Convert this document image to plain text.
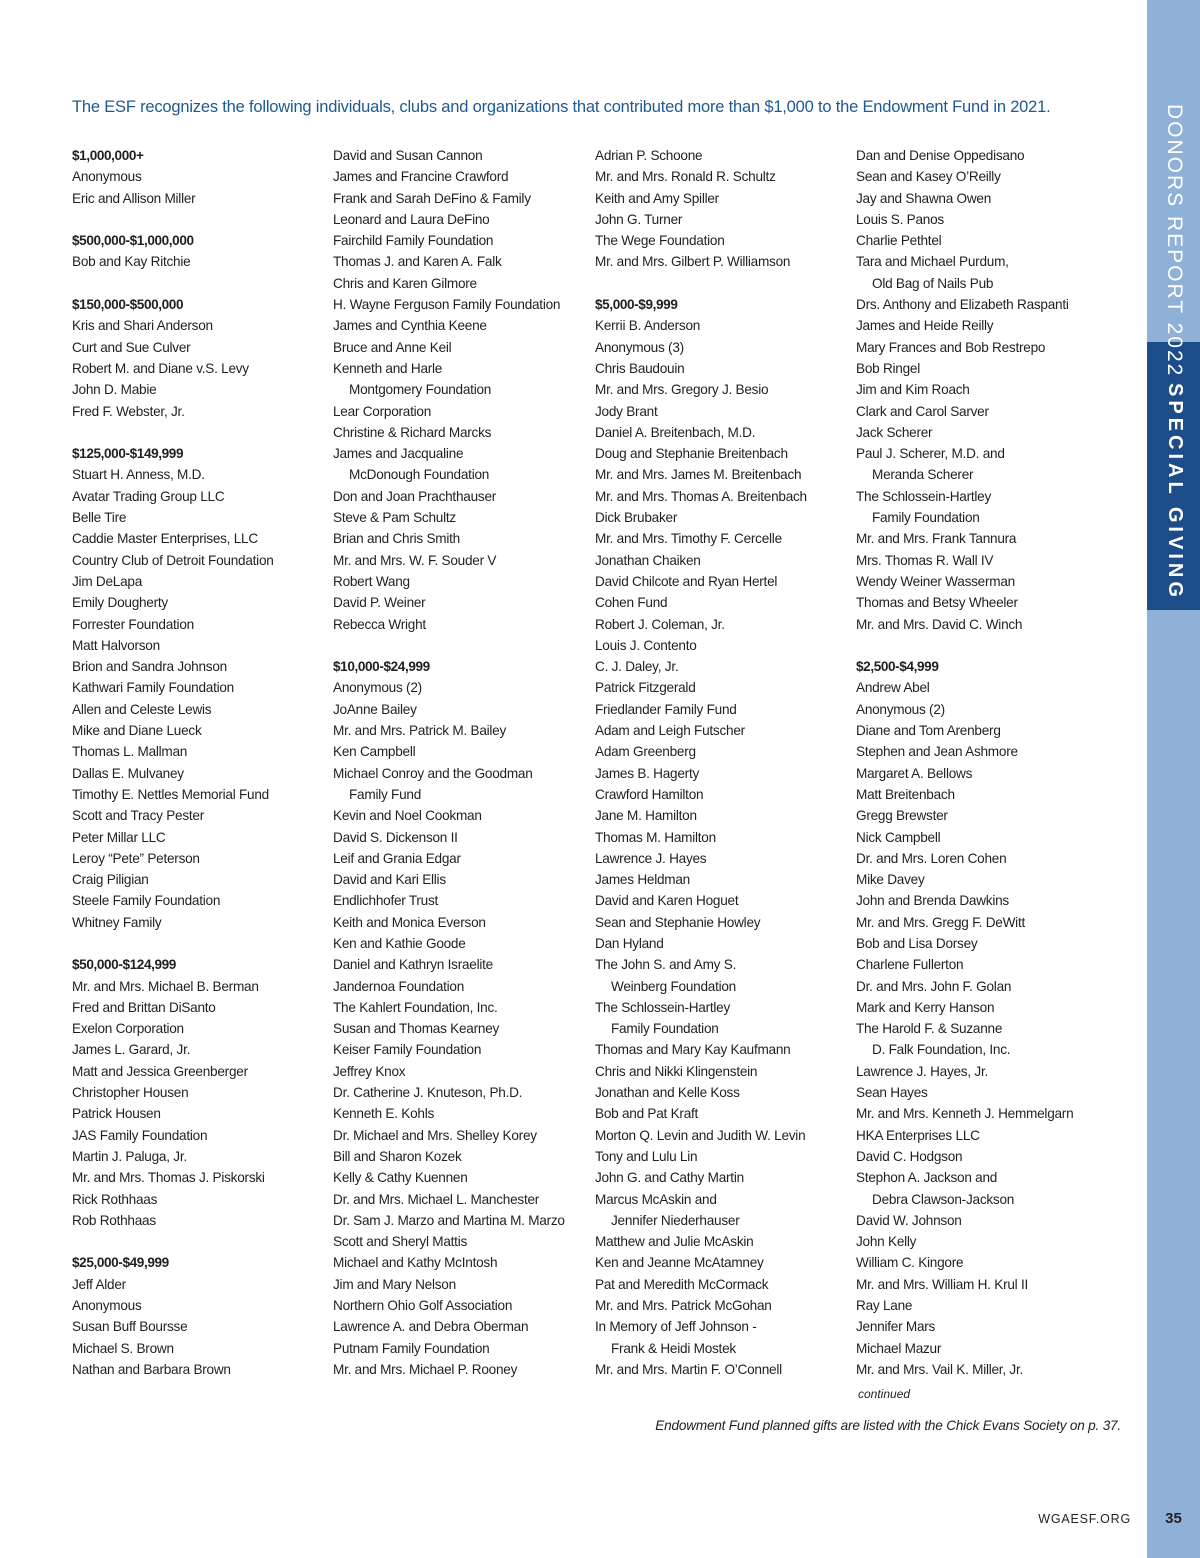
DONORS REPORT 2022
SPECIAL GIVING
The ESF recognizes the following individuals, clubs and organizations that contributed more than $1,000 to the Endowment Fund in 2021.
$1,000,000+
Anonymous
Eric and Allison Miller
$500,000-$1,000,000
Bob and Kay Ritchie
$150,000-$500,000
Kris and Shari Anderson
Curt and Sue Culver
Robert M. and Diane v.S. Levy
John D. Mabie
Fred F. Webster, Jr.
$125,000-$149,999
Stuart H. Anness, M.D.
Avatar Trading Group LLC
Belle Tire
Caddie Master Enterprises, LLC
Country Club of Detroit Foundation
Jim DeLapa
Emily Dougherty
Forrester Foundation
Matt Halvorson
Brion and Sandra Johnson
Kathwari Family Foundation
Allen and Celeste Lewis
Mike and Diane Lueck
Thomas L. Mallman
Dallas E. Mulvaney
Timothy E. Nettles Memorial Fund
Scott and Tracy Pester
Peter Millar LLC
Leroy “Pete” Peterson
Craig Piligian
Steele Family Foundation
Whitney Family
$50,000-$124,999
Mr. and Mrs. Michael B. Berman
Fred and Brittan DiSanto
Exelon Corporation
James L. Garard, Jr.
Matt and Jessica Greenberger
Christopher Housen
Patrick Housen
JAS Family Foundation
Martin J. Paluga, Jr.
Mr. and Mrs. Thomas J. Piskorski
Rick Rothhaas
Rob Rothhaas
$25,000-$49,999
Jeff Alder
Anonymous
Susan Buff Boursse
Michael S. Brown
Nathan and Barbara Brown
David and Susan Cannon
James and Francine Crawford
Frank and Sarah DeFino & Family
Leonard and Laura DeFino
Fairchild Family Foundation
Thomas J. and Karen A. Falk
Chris and Karen Gilmore
H. Wayne Ferguson Family Foundation
James and Cynthia Keene
Bruce and Anne Keil
Kenneth and Harle
Montgomery Foundation
Lear Corporation
Christine & Richard Marcks
James and Jacqualine
McDonough Foundation
Don and Joan Prachthauser
Steve & Pam Schultz
Brian and Chris Smith
Mr. and Mrs. W. F. Souder V
Robert Wang
David P. Weiner
Rebecca Wright
$10,000-$24,999
Anonymous (2)
JoAnne Bailey
Mr. and Mrs. Patrick M. Bailey
Ken Campbell
Michael Conroy and the Goodman
Family Fund
Kevin and Noel Cookman
David S. Dickenson II
Leif and Grania Edgar
David and Kari Ellis
Endlichhofer Trust
Keith and Monica Everson
Ken and Kathie Goode
Daniel and Kathryn Israelite
Jandernoa Foundation
The Kahlert Foundation, Inc.
Susan and Thomas Kearney
Keiser Family Foundation
Jeffrey Knox
Dr. Catherine J. Knuteson, Ph.D.
Kenneth E. Kohls
Dr. Michael and Mrs. Shelley Korey
Bill and Sharon Kozek
Kelly & Cathy Kuennen
Dr. and Mrs. Michael L. Manchester
Dr. Sam J. Marzo and Martina M. Marzo
Scott and Sheryl Mattis
Michael and Kathy McIntosh
Jim and Mary Nelson
Northern Ohio Golf Association
Lawrence A. and Debra Oberman
Putnam Family Foundation
Mr. and Mrs. Michael P. Rooney
Adrian P. Schoone
Mr. and Mrs. Ronald R. Schultz
Keith and Amy Spiller
John G. Turner
The Wege Foundation
Mr. and Mrs. Gilbert P. Williamson
$5,000-$9,999
Kerrii B. Anderson
Anonymous (3)
Chris Baudouin
Mr. and Mrs. Gregory J. Besio
Jody Brant
Daniel A. Breitenbach, M.D.
Doug and Stephanie Breitenbach
Mr. and Mrs. James M. Breitenbach
Mr. and Mrs. Thomas A. Breitenbach
Dick Brubaker
Mr. and Mrs. Timothy F. Cercelle
Jonathan Chaiken
David Chilcote and Ryan Hertel
Cohen Fund
Robert J. Coleman, Jr.
Louis J. Contento
C. J. Daley, Jr.
Patrick Fitzgerald
Friedlander Family Fund
Adam and Leigh Futscher
Adam Greenberg
James B. Hagerty
Crawford Hamilton
Jane M. Hamilton
Thomas M. Hamilton
Lawrence J. Hayes
James Heldman
David and Karen Hoguet
Sean and Stephanie Howley
Dan Hyland
The John S. and Amy S.
Weinberg Foundation
The Schlossein-Hartley
Family Foundation
Thomas and Mary Kay Kaufmann
Chris and Nikki Klingenstein
Jonathan and Kelle Koss
Bob and Pat Kraft
Morton Q. Levin and Judith W. Levin
Tony and Lulu Lin
John G. and Cathy Martin
Marcus McAskin and
Jennifer Niederhauser
Matthew and Julie McAskin
Ken and Jeanne McAtamney
Pat and Meredith McCormack
Mr. and Mrs. Patrick McGohan
In Memory of Jeff Johnson -
Frank & Heidi Mostek
Mr. and Mrs. Martin F. O’Connell
Dan and Denise Oppedisano
Sean and Kasey O’Reilly
Jay and Shawna Owen
Louis S. Panos
Charlie Pethtel
Tara and Michael Purdum,
Old Bag of Nails Pub
Drs. Anthony and Elizabeth Raspanti
James and Heide Reilly
Mary Frances and Bob Restrepo
Bob Ringel
Jim and Kim Roach
Clark and Carol Sarver
Jack Scherer
Paul J. Scherer, M.D. and
Meranda Scherer
The Schlossein-Hartley
Family Foundation
Mr. and Mrs. Frank Tannura
Mrs. Thomas R. Wall IV
Wendy Weiner Wasserman
Thomas and Betsy Wheeler
Mr. and Mrs. David C. Winch
$2,500-$4,999
Andrew Abel
Anonymous (2)
Diane and Tom Arenberg
Stephen and Jean Ashmore
Margaret A. Bellows
Matt Breitenbach
Gregg Brewster
Nick Campbell
Dr. and Mrs. Loren Cohen
Mike Davey
John and Brenda Dawkins
Mr. and Mrs. Gregg F. DeWitt
Bob and Lisa Dorsey
Charlene Fullerton
Dr. and Mrs. John F. Golan
Mark and Kerry Hanson
The Harold F. & Suzanne
D. Falk Foundation, Inc.
Lawrence J. Hayes, Jr.
Sean Hayes
Mr. and Mrs. Kenneth J. Hemmelgarn
HKA Enterprises LLC
David C. Hodgson
Stephon A. Jackson and
Debra Clawson-Jackson
David W. Johnson
John Kelly
William C. Kingore
Mr. and Mrs. William H. Krul II
Ray Lane
Jennifer Mars
Michael Mazur
Mr. and Mrs. Vail K. Miller, Jr.
continued
Endowment Fund planned gifts are listed with the Chick Evans Society on p. 37.
WGAESF.ORG	35
